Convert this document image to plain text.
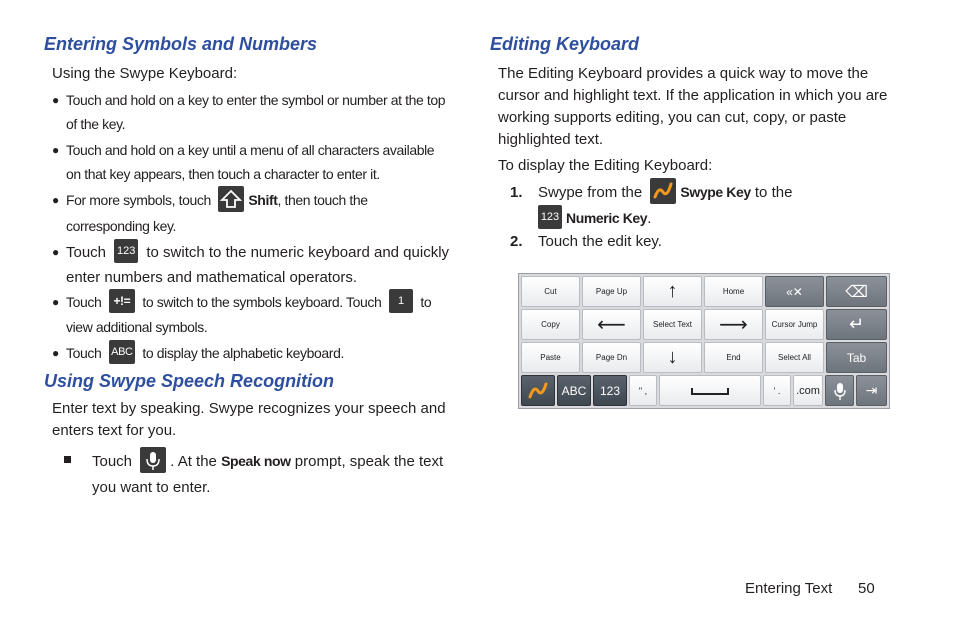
Entering Symbols and Numbers
Using the Swype Keyboard:
● Touch and hold on a key to enter the symbol or number at the top of the key.
● Touch and hold on a key until a menu of all characters available on that key appears, then touch a character to enter it.
● For more symbols, touch	Shift, then touch the corresponding key.
● Touch 123 to switch to the numeric keyboard and quickly enter numbers and mathematical operators.
● Touch +!= to switch to the symbols keyboard. Touch 1 to view additional symbols.
● Touch ABC to display the alphabetic keyboard.
Using Swype Speech Recognition
Enter text by speaking. Swype recognizes your speech and enters text for you.
Touch	. At the Speak now prompt, speak the text you want to enter.
Editing Keyboard
The Editing Keyboard provides a quick way to move the cursor and highlight text. If the application in which you are working supports editing, you can cut, copy, or paste highlighted text.
To display the Editing Keyboard:
1.	Swype from the	Swype Key to the
123 Numeric Key.
2.	Touch the edit key.
Cut	Page Up	↑	Home	«✕	⌫
Copy	⟵	Select Text	⟶	Cursor Jump	↵
Paste	Page Dn	↓	End	Select All	Tab
ABC	123	" ,	' .	.com	⇥
Entering Text 50
